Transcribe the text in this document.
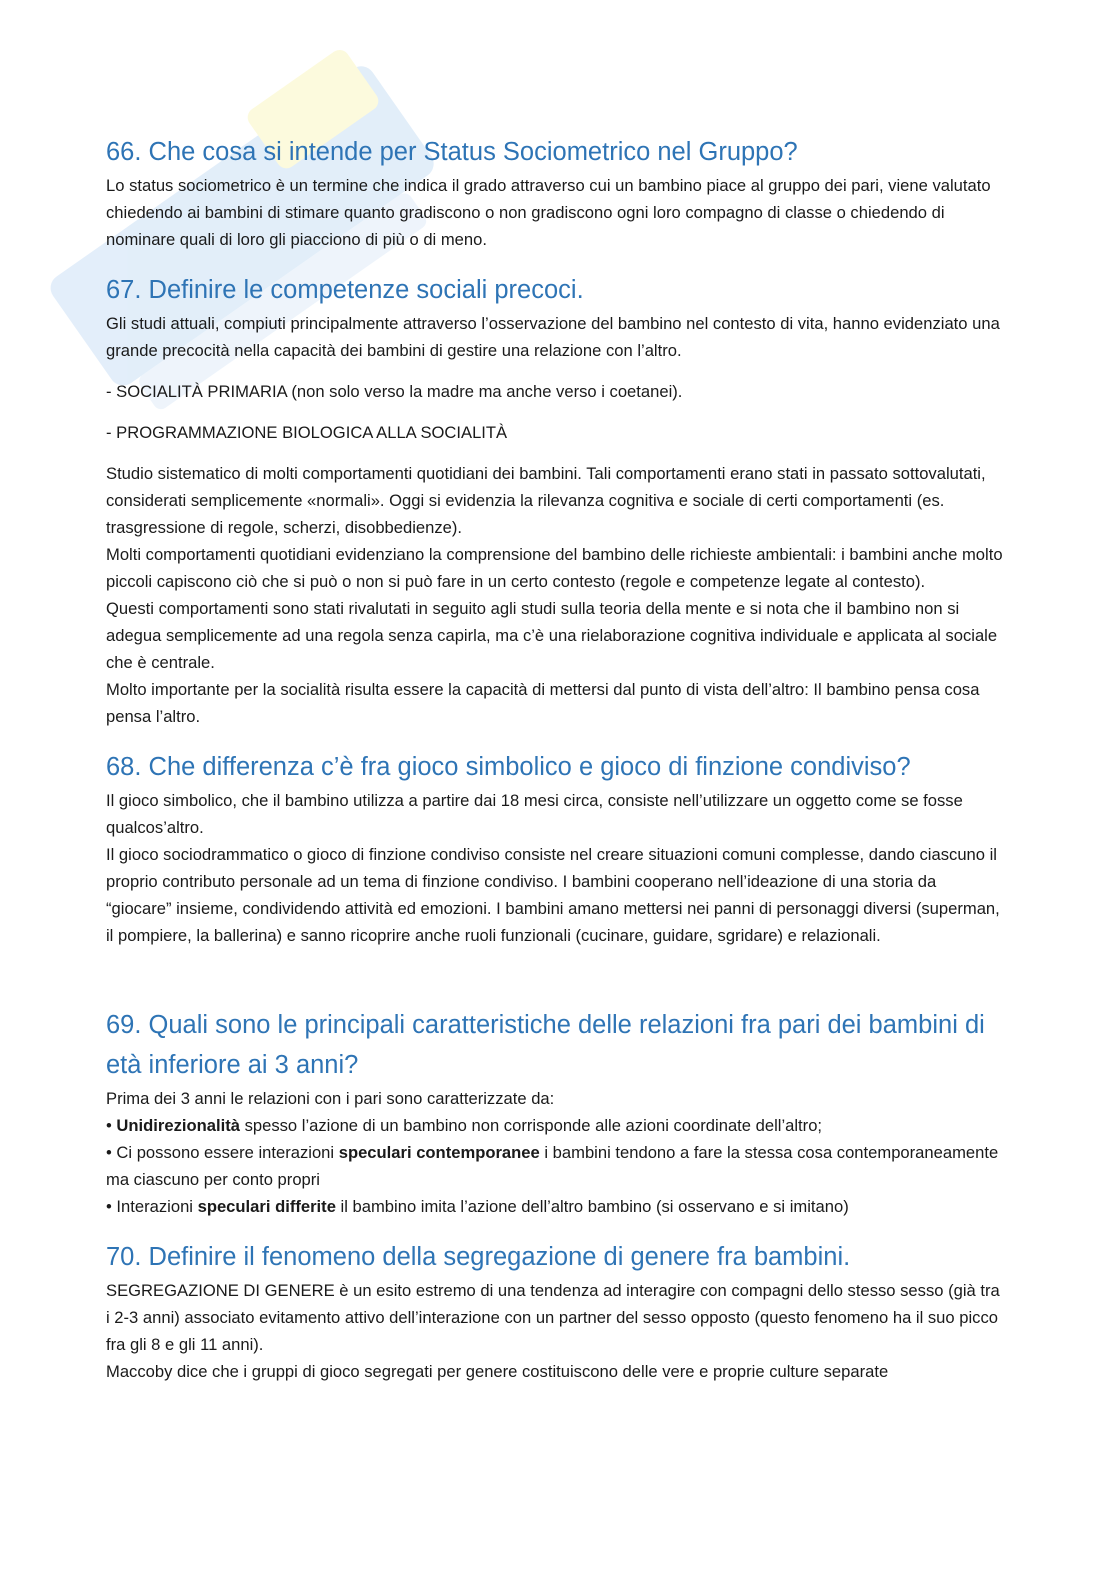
66. Che cosa si intende per Status Sociometrico nel Gruppo?

Lo status sociometrico è un termine che indica il grado attraverso cui un bambino piace al gruppo dei pari, viene valutato chiedendo ai bambini di stimare quanto gradiscono o non gradiscono ogni loro compagno di classe o chiedendo di nominare quali di loro gli piacciono di più o di meno.

67. Definire le competenze sociali precoci.

Gli studi attuali, compiuti principalmente attraverso l’osservazione del bambino nel contesto di vita, hanno evidenziato una grande precocità nella capacità dei bambini di gestire una relazione con l’altro.

- SOCIALITÀ PRIMARIA (non solo verso la madre ma anche verso i coetanei).

- PROGRAMMAZIONE BIOLOGICA ALLA SOCIALITÀ

Studio sistematico di molti comportamenti quotidiani dei bambini. Tali comportamenti erano stati in passato sottovalutati, considerati semplicemente «normali». Oggi si evidenzia la rilevanza cognitiva e sociale di certi comportamenti (es. trasgressione di regole, scherzi, disobbedienze).

Molti comportamenti quotidiani evidenziano la comprensione del bambino delle richieste ambientali: i bambini anche molto piccoli capiscono ciò che si può o non si può fare in un certo contesto (regole e competenze legate al contesto).

Questi comportamenti sono stati rivalutati in seguito agli studi sulla teoria della mente e si nota che il bambino non si adegua semplicemente ad una regola senza capirla, ma c’è una rielaborazione cognitiva individuale e applicata al sociale che è centrale.

Molto importante per la socialità risulta essere la capacità di mettersi dal punto di vista dell’altro: Il bambino pensa cosa pensa l’altro.

68. Che differenza c’è fra gioco simbolico e gioco di finzione condiviso?

Il gioco simbolico, che il bambino utilizza a partire dai 18 mesi circa, consiste nell’utilizzare un oggetto come se fosse qualcos’altro.

Il gioco sociodrammatico o gioco di finzione condiviso consiste nel creare situazioni comuni complesse, dando ciascuno il proprio contributo personale ad un tema di finzione condiviso. I bambini cooperano nell’ideazione di una storia da “giocare” insieme, condividendo attività ed emozioni. I bambini amano mettersi nei panni di personaggi diversi (superman, il pompiere, la ballerina) e sanno ricoprire anche ruoli funzionali (cucinare, guidare, sgridare) e relazionali.

69. Quali sono le principali caratteristiche delle relazioni fra pari dei bambini di età inferiore ai 3 anni?

Prima dei 3 anni le relazioni con i pari sono caratterizzate da:

• Unidirezionalità spesso l’azione di un bambino non corrisponde alle azioni coordinate dell’altro;

• Ci possono essere interazioni speculari contemporanee i bambini tendono a fare la stessa cosa contemporaneamente ma ciascuno per conto propri

• Interazioni speculari differite il bambino imita l’azione dell’altro bambino (si osservano e si imitano)

70. Definire il fenomeno della segregazione di genere fra bambini.

SEGREGAZIONE DI GENERE è un esito estremo di una tendenza ad interagire con compagni dello stesso sesso (già tra i 2-3 anni) associato evitamento attivo dell’interazione con un partner del sesso opposto (questo fenomeno ha il suo picco fra gli 8 e gli 11 anni).

Maccoby dice che i gruppi di gioco segregati per genere costituiscono delle vere e proprie culture separate
